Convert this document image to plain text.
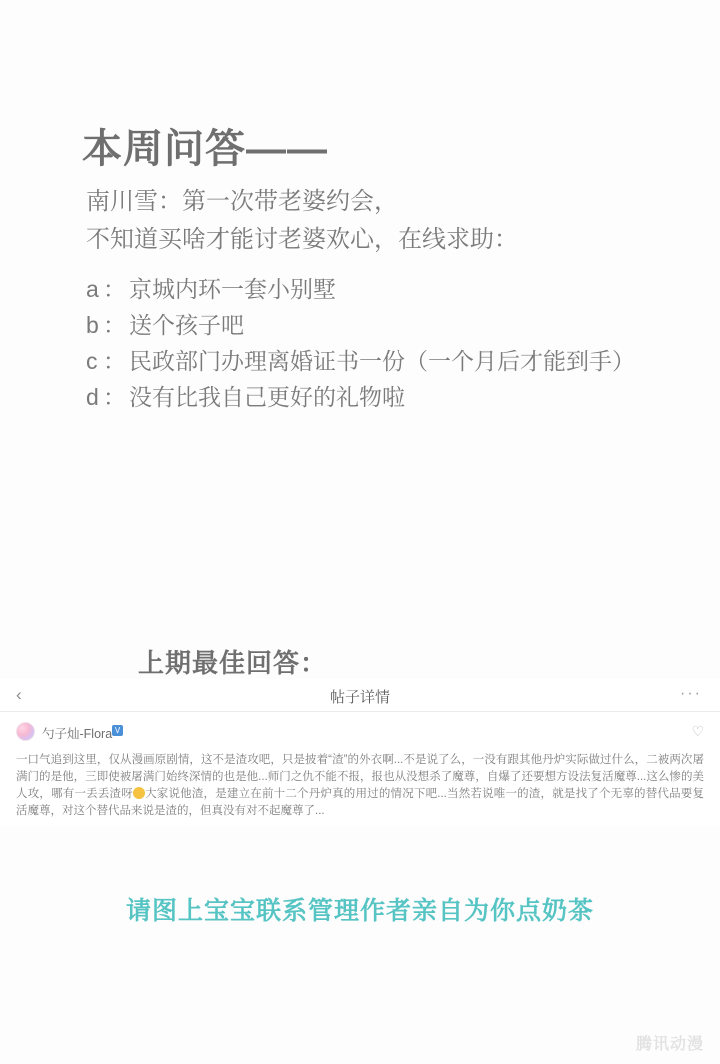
本周问答——
南川雪：第一次带老婆约会，
不知道买啥才能讨老婆欢心，在线求助：
a ： 京城内环一套小别墅
b ： 送个孩子吧
c ： 民政部门办理离婚证书一份（一个月后才能到手）
d ： 没有比我自己更好的礼物啦
上期最佳回答：
‹	帖子详情	···
勺子灿-Flora V	♡
一口气追到这里，仅从漫画原剧情，这不是渣攻吧，只是披着“渣”的外衣啊...不是说了么，一没有跟其他丹炉实际做过什么，二被两次屠满门的是他，三即使被屠满门始终深情的也是他...师门之仇不能不报，报也从没想杀了魔尊，自爆了还要想方设法复活魔尊...这么惨的美人攻，哪有一丢丢渣呀 大家说他渣，是建立在前十二个丹炉真的用过的情况下吧...当然若说唯一的渣，就是找了个无辜的替代品要复活魔尊，对这个替代品来说是渣的，但真没有对不起魔尊了...
请图上宝宝联系管理作者亲自为你点奶茶
腾讯动漫
